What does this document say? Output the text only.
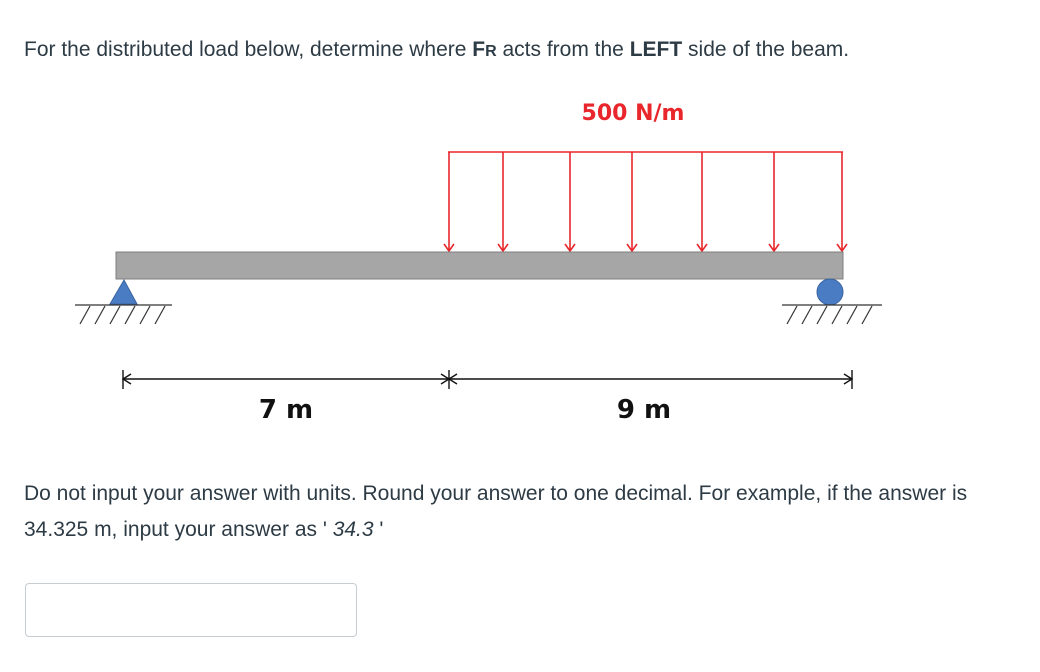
For the distributed load below, determine where FR acts from the LEFT side of the beam.
500 N/m
7 m	9 m
Do not input your answer with units. Round your answer to one decimal. For example, if the answer is 34.325 m, input your answer as ' 34.3 '
